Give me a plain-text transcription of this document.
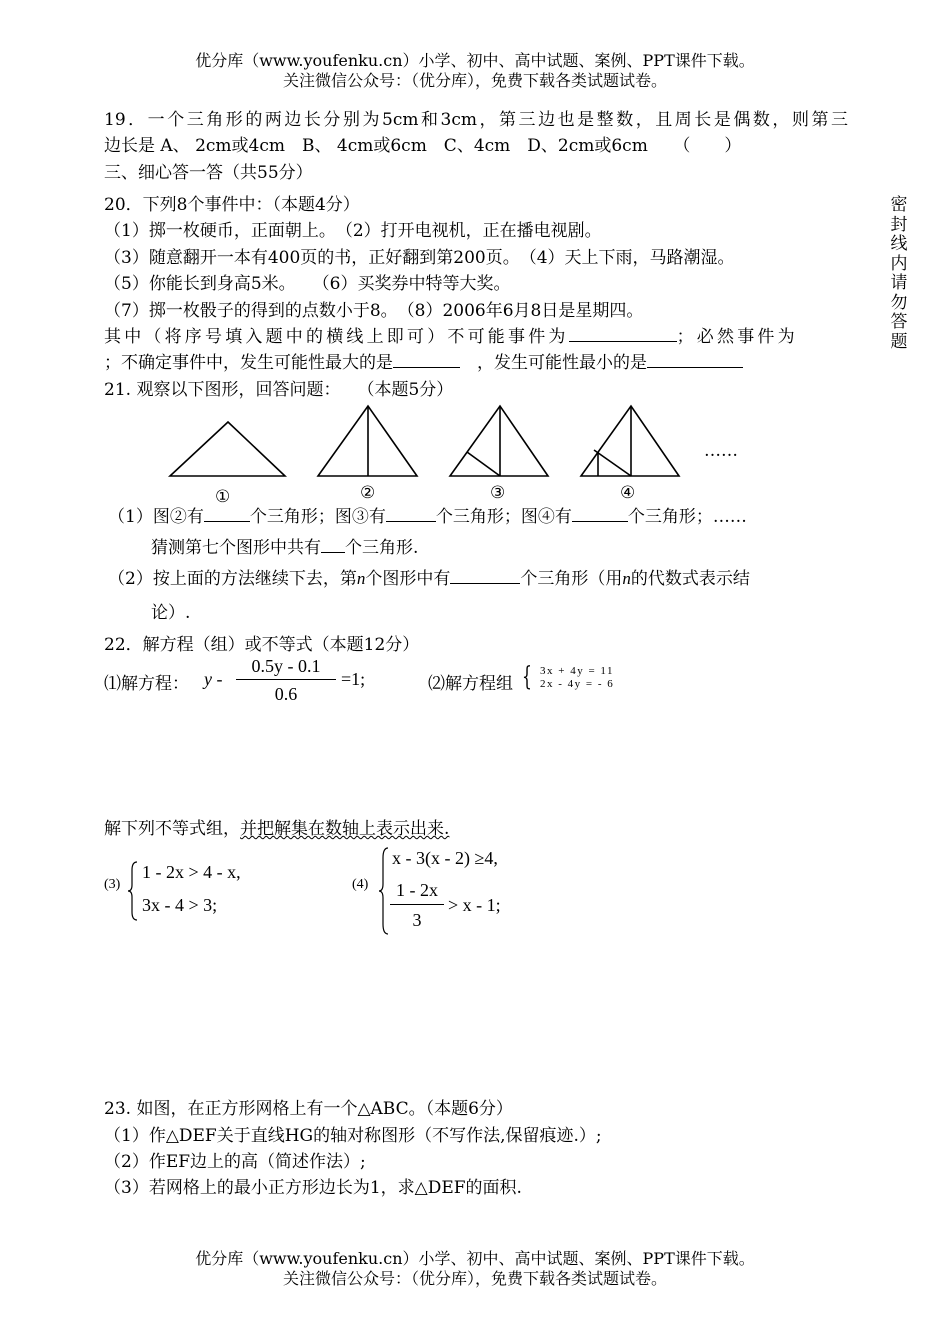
优分库（www.youfenku.cn）小学、初中、高中试题、案例、PPT课件下载。
关注微信公众号：（优分库），免费下载各类试题试卷。
密封线内请勿答题
19．一个三角形的两边长分别为5cm和3cm，第三边也是整数，且周长是偶数，则第三
边长是 A、 2cm或4cm　B、 4cm或6cm　C、4cm　D、2cm或6cm　　（　　）
三、细心答一答（共55分）
20．下列8个事件中：（本题4分）
（1）掷一枚硬币，正面朝上。　（2）打开电视机，正在播电视剧。
（3）随意翻开一本有400页的书，正好翻到第200页。　（4）天上下雨，马路潮湿。
（5）你能长到身高5米。　　（6）买奖券中特等大奖。
（7）掷一枚骰子的得到的点数小于8。　（8）2006年6月8日是星期四。
其中（将序号填入题中的横线上即可）不可能事件为	；必然事件为
；不确定事件中，发生可能性最大的是　	，发生可能性最小的是
21. 观察以下图形，回答问题：　　（本题5分）
……
①	②	③	④
（1）图②有	个三角形；图③有	个三角形；图④有	个三角形；……
猜测第七个图形中共有 个三角形.
（2）按上面的方法继续下去，第n个图形中有	个三角形（用n的代数式表示结
论）.
22．解方程（组）或不等式（本题12分）
⑴解方程： y -
0.5y - 0.1
0.6
=1;	⑵解方程组 { 3x + 4y = 11
2x - 4y = - 6
解下列不等式组，并把解集在数轴上表示出来.
(3)
1 - 2x > 4 - x,
3x - 4 > 3;
(4)
x - 3(x - 2) ≥4,
1 - 2x
3
> x - 1;
23. 如图，在正方形网格上有一个△ABC。（本题6分）
（1）作△DEF关于直线HG的轴对称图形（不写作法,保留痕迹.）;
（2）作EF边上的高（简述作法）;
（3）若网格上的最小正方形边长为1，求△DEF的面积.
优分库（www.youfenku.cn）小学、初中、高中试题、案例、PPT课件下载。
关注微信公众号：（优分库），免费下载各类试题试卷。
